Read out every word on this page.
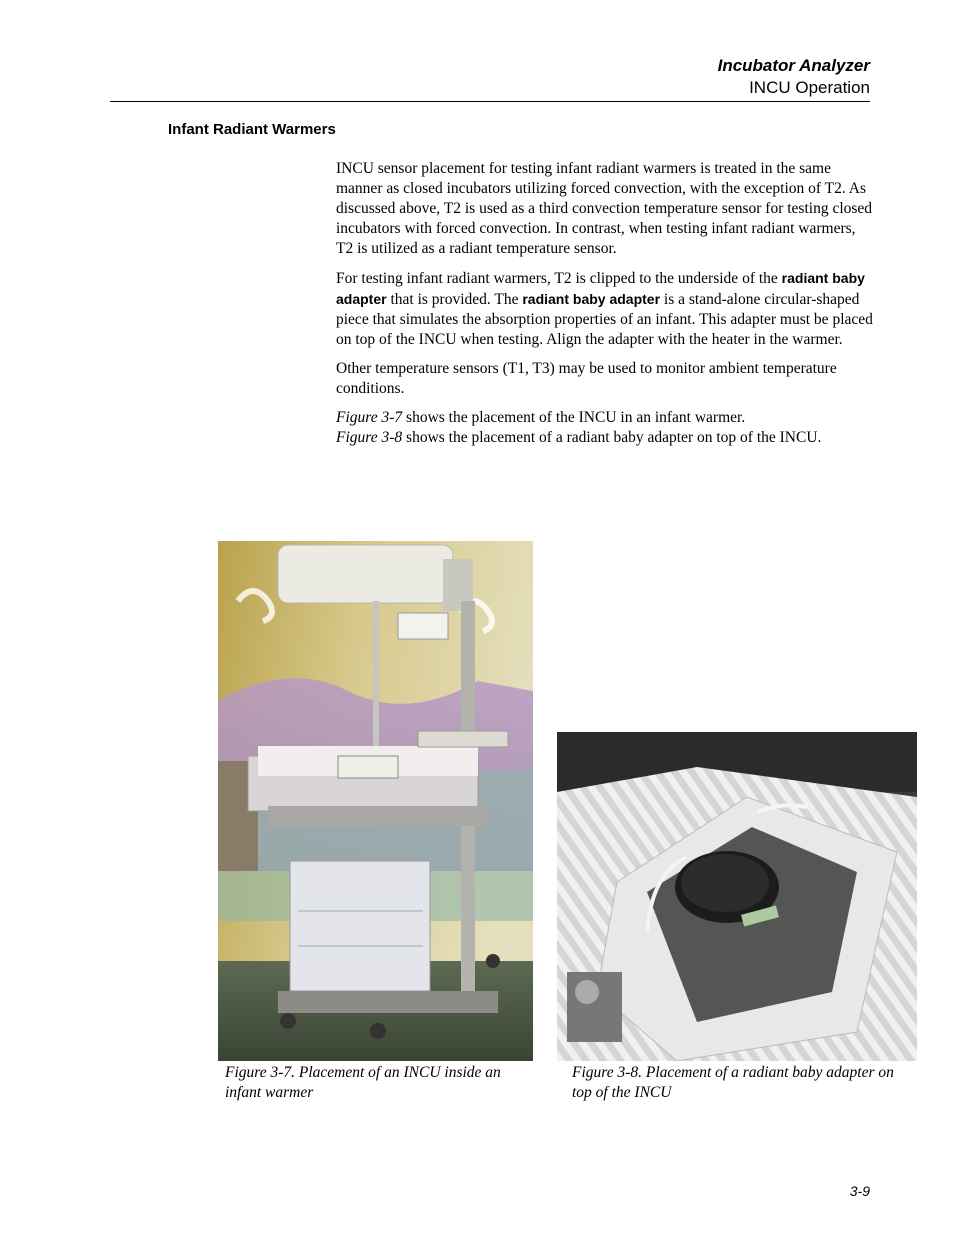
Incubator Analyzer
INCU Operation
Infant Radiant Warmers

INCU sensor placement for testing infant radiant warmers is treated in the same manner as closed incubators utilizing forced convection, with the exception of T2. As discussed above, T2 is used as a third convection temperature sensor for testing closed incubators with forced convection. In contrast, when testing infant radiant warmers, T2 is utilized as a radiant temperature sensor.

For testing infant radiant warmers, T2 is clipped to the underside of the radiant baby adapter that is provided. The radiant baby adapter is a stand-alone circular-shaped piece that simulates the absorption properties of an infant. This adapter must be placed on top of the INCU when testing. Align the adapter with the heater in the warmer.

Other temperature sensors (T1, T3) may be used to monitor ambient temperature conditions.

Figure 3-7 shows the placement of the INCU in an infant warmer.
Figure 3-8 shows the placement of a radiant baby adapter on top of the INCU.

Figure 3-7. Placement of an INCU inside an infant warmer
Figure 3-8. Placement of a radiant baby adapter on top of the INCU
3-9
